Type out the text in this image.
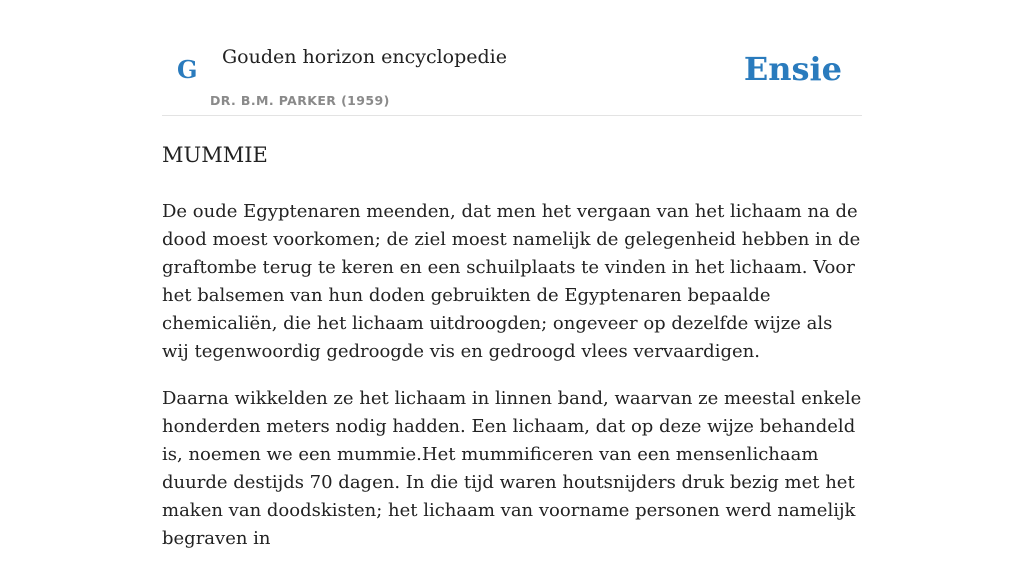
G Gouden horizon encyclopedie
DR. B.M. PARKER (1959)
Ensie
MUMMIE

De oude Egyptenaren meenden, dat men het vergaan van het lichaam na de dood moest voorkomen; de ziel moest namelijk de gelegenheid hebben in de graftombe terug te keren en een schuilplaats te vinden in het lichaam. Voor het balsemen van hun doden gebruikten de Egyptenaren bepaalde chemicaliën, die het lichaam uitdroogden; ongeveer op dezelfde wijze als wij tegenwoordig gedroogde vis en gedroogd vlees vervaardigen.

Daarna wikkelden ze het lichaam in linnen band, waarvan ze meestal enkele honderden meters nodig hadden. Een lichaam, dat op deze wijze behandeld is, noemen we een mummie.Het mummificeren van een mensenlichaam duurde destijds 70 dagen. In die tijd waren houtsnijders druk bezig met het maken van doodskisten; het lichaam van voorname personen werd namelijk begraven in
